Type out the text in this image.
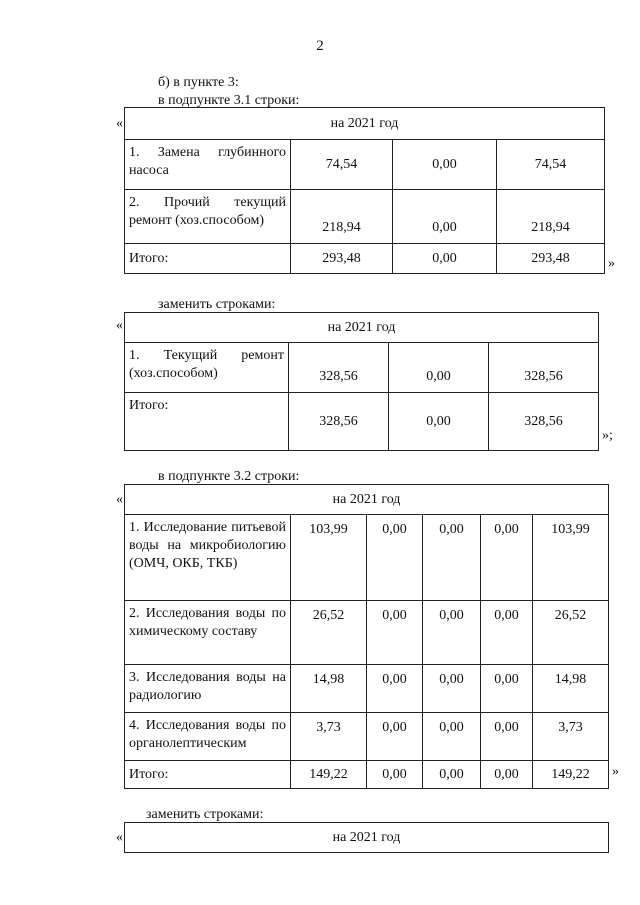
2
б) в пункте 3:
в подпункте 3.1 строки:
«	на 2021 год			
1. Замена глубинного насоса	74,54	0,00	74,54
2. Прочий текущий ремонт (хоз.способом)	218,94	0,00	218,94
Итого:	293,48	0,00	293,48	»
заменить строками:
«	на 2021 год			
1. Текущий ремонт (хоз.способом)	328,56	0,00	328,56
Итого:	328,56	0,00	328,56
»;
в подпункте 3.2 строки:
«	на 2021 год					
1. Исследование питьевой воды на микробиологию (ОМЧ, ОКБ, ТКБ)	103,99	0,00	0,00	0,00	103,99
2. Исследования воды по химическому составу	26,52	0,00	0,00	0,00	26,52
3. Исследования воды на радиологию	14,98	0,00	0,00	0,00	14,98
4. Исследования воды по органолептическим	3,73	0,00	0,00	0,00	3,73
Итого:	149,22	0,00	0,00	0,00	149,22 »
заменить строками:
«	на 2021 год
